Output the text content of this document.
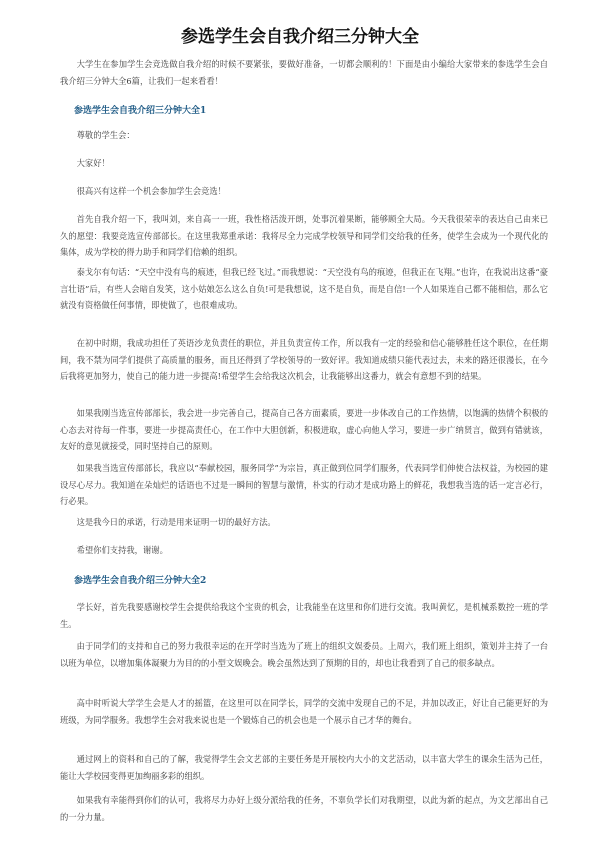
参选学生会自我介绍三分钟大全

大学生在参加学生会竞选做自我介绍的时候不要紧张，要做好准备，一切都会顺利的！下面是由小编给大家带来的参选学生会自我介绍三分钟大全6篇，让我们一起来看看！

参选学生会自我介绍三分钟大全1

尊敬的学生会：

大家好！

很高兴有这样一个机会参加学生会竞选！

首先自我介绍一下，我叫刘，来自高一一班，我性格活泼开朗，处事沉着果断，能够顾全大局。今天我很荣幸的表达自己由来已久的愿望：我要竞选宣传部部长。在这里我郑重承诺：我将尽全力完成学校领导和同学们交给我的任务，使学生会成为一个现代化的集体，成为学校的得力助手和同学们信赖的组织。

泰戈尔有句话：“天空中没有鸟的痕迹，但我已经飞过。”而我想说：“天空没有鸟的痕迹，但我正在飞翔。”也许，在我说出这番“豪言壮语”后，有些人会暗自发笑，这小姑娘怎么这么自负!可是我想说，这不是自负，而是自信!一个人如果连自己都不能相信，那么它就没有资格做任何事情，即使做了，也很难成功。

在初中时期，我成功担任了英语沙龙负责任的职位，并且负责宣传工作，所以我有一定的经验和信心能够胜任这个职位，在任期间，我不禁为同学们提供了高质量的服务，而且还得到了学校领导的一致好评。我知道成绩只能代表过去，未来的路还很漫长，在今后我将更加努力，使自己的能力进一步提高!希望学生会给我这次机会，让我能够出这番力，就会有意想不到的结果。

如果我刚当选宣传部部长，我会进一步完善自己，提高自己各方面素质，要进一步体改自己的工作热情，以饱满的热情个积极的心态去对待每一件事，要进一步提高责任心，在工作中大胆创新，积极进取，虚心向他人学习，要进一步广纳贤言，做到有错就该，友好的意见就接受，同时坚持自己的原则。

如果我当选宣传部部长，我应以“奉献校园，服务同学”为宗旨，真正做到位同学们服务，代表同学们伸使合法权益，为校园的建设尽心尽力。我知道在朵灿烂的话语也不过是一瞬间的智慧与激情，朴实的行动才是成功路上的鲜花，我想我当选的话一定言必行，行必果。

这是我今日的承诺，行动是用来证明一切的最好方法。

希望你们支持我，谢谢。

参选学生会自我介绍三分钟大全2

学长好，首先我要感谢校学生会提供给我这个宝贵的机会，让我能坐在这里和你们进行交流。我叫黄忆，是机械系数控一班的学生。

由于同学们的支持和自己的努力我很幸运的在开学时当选为了班上的组织文娱委员。上周六，我们班上组织，策划并主持了一台以班为单位，以增加集体凝聚力为目的的小型文娱晚会。晚会虽然达到了预期的目的，却也让我看到了自己的很多缺点。

高中时听说大学学生会是人才的摇篮，在这里可以在同学长，同学的交流中发现自己的不足，并加以改正，好让自己能更好的为班级，为同学服务。我想学生会对我来说也是一个锻炼自己的机会也是一个展示自己才华的舞台。

通过网上的资料和自己的了解，我觉得学生会文艺部的主要任务是开展校内大小的文艺活动，以丰富大学生的课余生活为己任，能让大学校园变得更加绚丽多彩的组织。

如果我有幸能得到你们的认可，我将尽力办好上级分派给我的任务，不辜负学长们对我期望，以此为新的起点，为文艺部出自己的一分力量。
